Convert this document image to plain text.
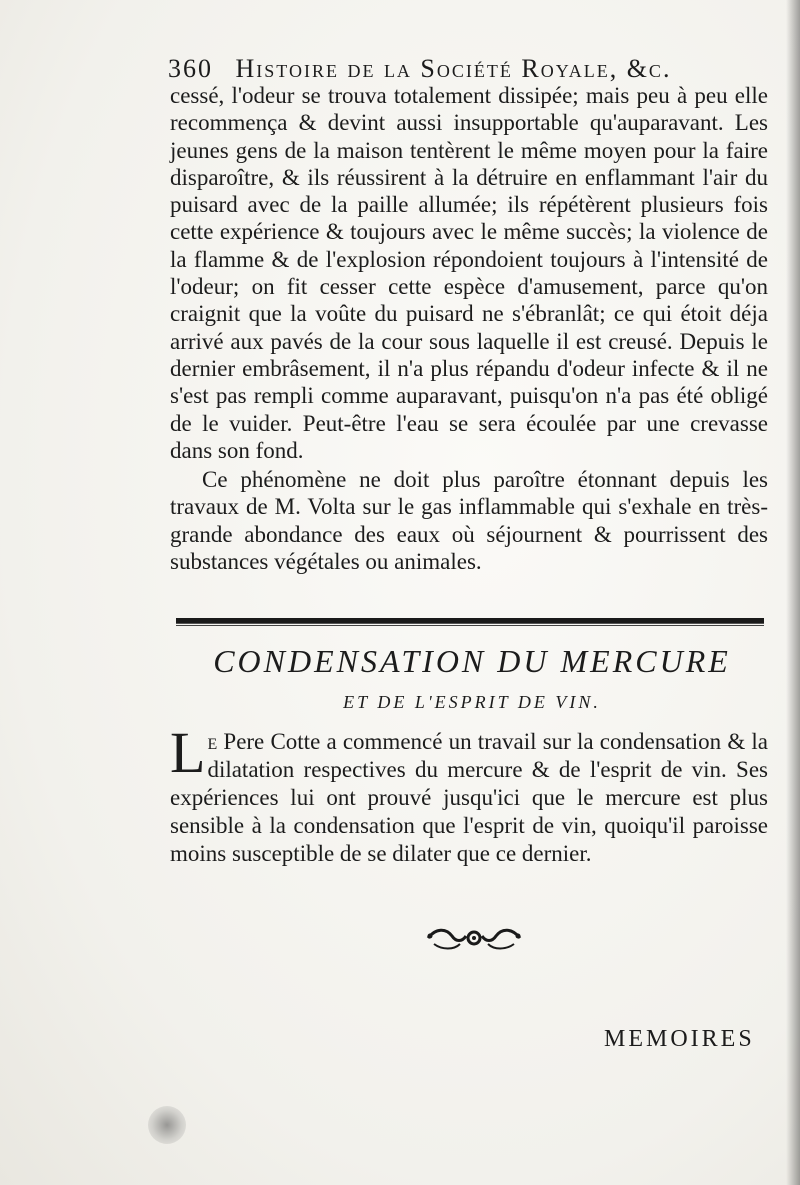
360 Histoire de la Société Royale, &c.

cessé, l'odeur se trouva totalement dissipée; mais peu à peu elle recommença & devint aussi insupportable qu'auparavant. Les jeunes gens de la maison tentèrent le même moyen pour la faire disparoître, & ils réussirent à la détruire en enflammant l'air du puisard avec de la paille allumée; ils répétèrent plusieurs fois cette expérience & toujours avec le même succès; la violence de la flamme & de l'explosion répondoient toujours à l'intensité de l'odeur; on fit cesser cette espèce d'amusement, parce qu'on craignit que la voûte du puisard ne s'ébranlât; ce qui étoit déja arrivé aux pavés de la cour sous laquelle il est creusé. Depuis le dernier embrâsement, il n'a plus répandu d'odeur infecte & il ne s'est pas rempli comme auparavant, puisqu'on n'a pas été obligé de le vuider. Peut-être l'eau se sera écoulée par une crevasse dans son fond.

Ce phénomène ne doit plus paroître étonnant depuis les travaux de M. Volta sur le gas inflammable qui s'exhale en très-grande abondance des eaux où séjournent & pourrissent des substances végétales ou animales.

CONDENSATION DU MERCURE
ET DE L'ESPRIT DE VIN.

Le Pere Cotte a commencé un travail sur la condensation & la dilatation respectives du mercure & de l'esprit de vin. Ses expériences lui ont prouvé jusqu'ici que le mercure est plus sensible à la condensation que l'esprit de vin, quoiqu'il paroisse moins susceptible de se dilater que ce dernier.

MEMOIRES
